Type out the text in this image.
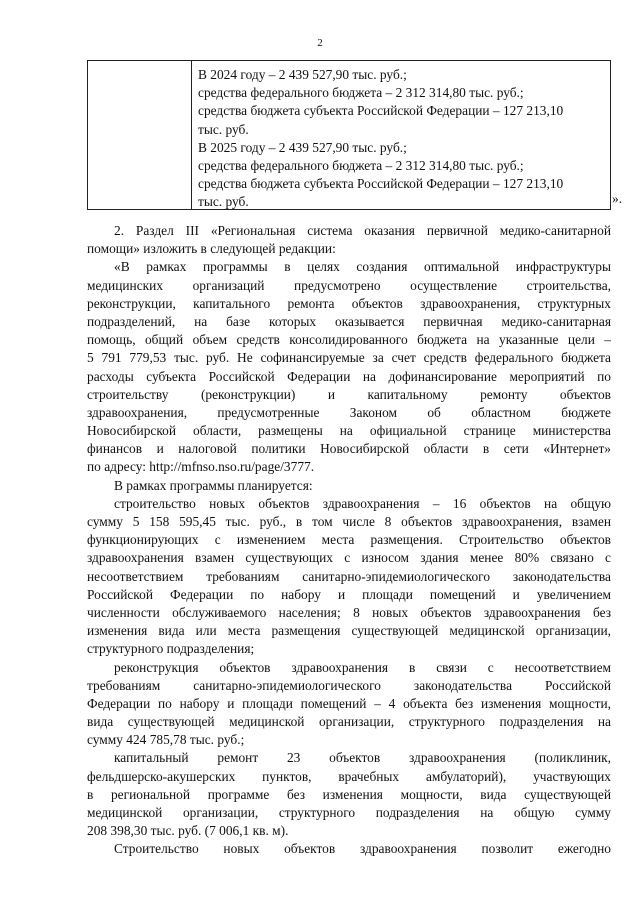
2
В 2024 году – 2 439 527,90 тыс. руб.;
средства федерального бюджета – 2 312 314,80 тыс. руб.;
средства бюджета субъекта Российской Федерации – 127 213,10
тыс. руб.
В 2025 году – 2 439 527,90 тыс. руб.;
средства федерального бюджета – 2 312 314,80 тыс. руб.;
средства бюджета субъекта Российской Федерации – 127 213,10
тыс. руб.	».
2. Раздел III «Региональная система оказания первичной медико-санитарной
помощи» изложить в следующей редакции:
«В рамках программы в целях создания оптимальной инфраструктуры
медицинских организаций предусмотрено осуществление строительства,
реконструкции, капитального ремонта объектов здравоохранения, структурных
подразделений, на базе которых оказывается первичная медико-санитарная
помощь, общий объем средств консолидированного бюджета на указанные цели –
5 791 779,53 тыс. руб. Не софинансируемые за счет средств федерального бюджета
расходы субъекта Российской Федерации на дофинансирование мероприятий по
строительству (реконструкции) и капитальному ремонту объектов
здравоохранения, предусмотренные Законом об областном бюджете
Новосибирской области, размещены на официальной странице министерства
финансов и налоговой политики Новосибирской области в сети «Интернет»
по адресу: http://mfnso.nso.ru/page/3777.
В рамках программы планируется:
строительство новых объектов здравоохранения – 16 объектов на общую
сумму 5 158 595,45 тыс. руб., в том числе 8 объектов здравоохранения, взамен
функционирующих с изменением места размещения. Строительство объектов
здравоохранения взамен существующих с износом здания менее 80% связано с
несоответствием требованиям санитарно-эпидемиологического законодательства
Российской Федерации по набору и площади помещений и увеличением
численности обслуживаемого населения; 8 новых объектов здравоохранения без
изменения вида или места размещения существующей медицинской организации,
структурного подразделения;
реконструкция объектов здравоохранения в связи с несоответствием
требованиям санитарно-эпидемиологического законодательства Российской
Федерации по набору и площади помещений – 4 объекта без изменения мощности,
вида существующей медицинской организации, структурного подразделения на
сумму 424 785,78 тыс. руб.;
капитальный ремонт 23 объектов здравоохранения (поликлиник,
фельдшерско-акушерских пунктов, врачебных амбулаторий), участвующих
в региональной программе без изменения мощности, вида существующей
медицинской организации, структурного подразделения на общую сумму
208 398,30 тыс. руб. (7 006,1 кв. м).
Строительство новых объектов здравоохранения позволит ежегодно
